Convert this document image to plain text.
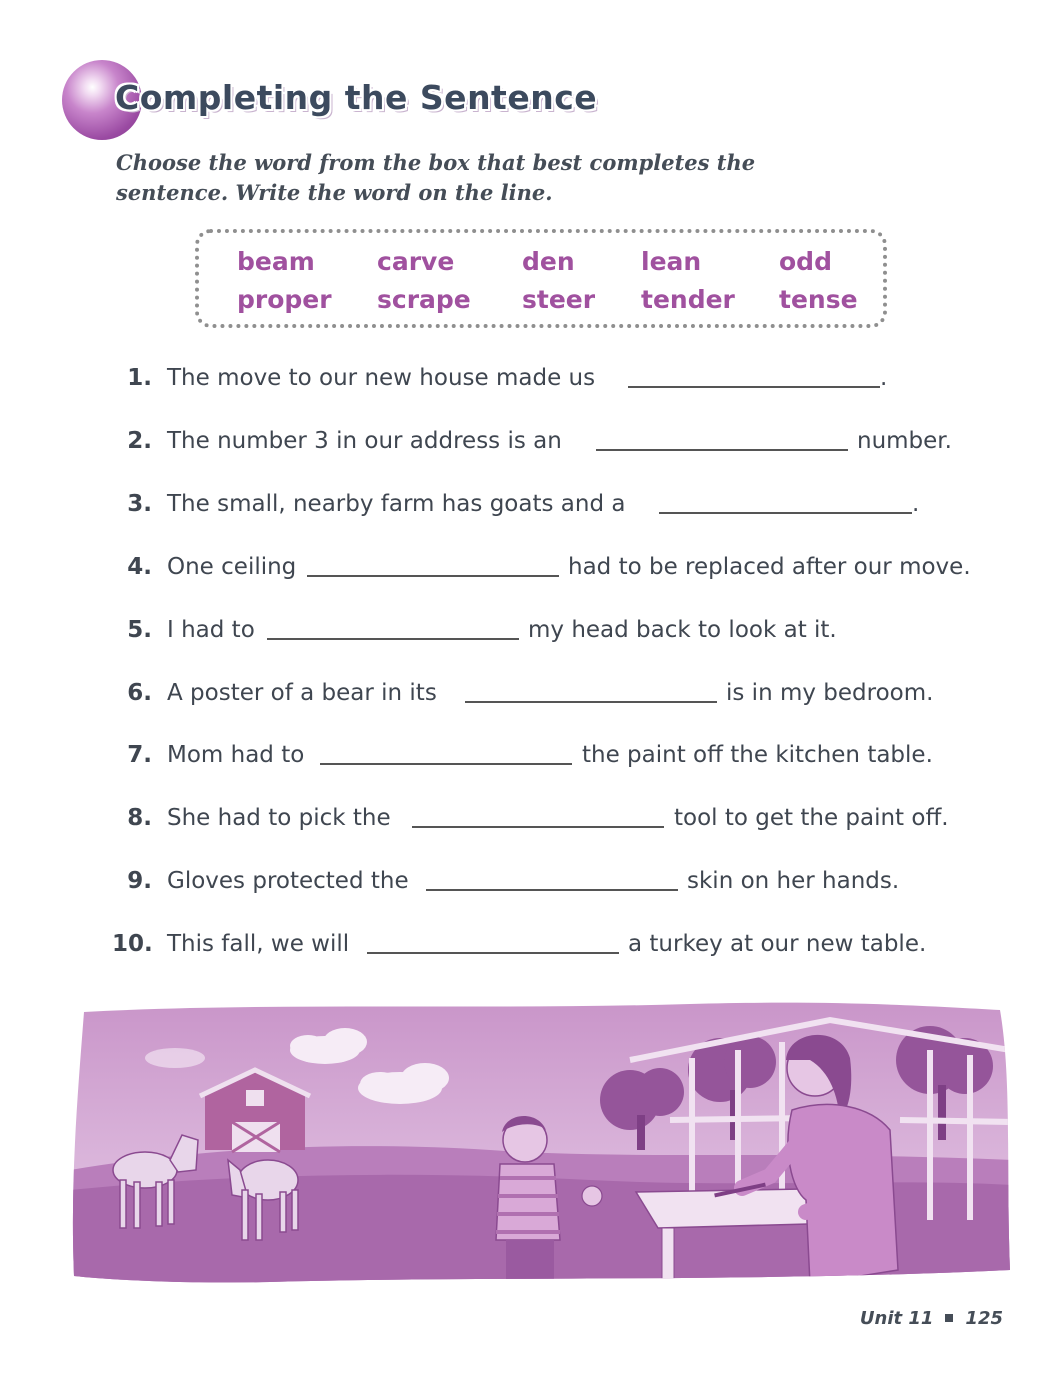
Completing the Sentence

Choose the word from the box that best completes the sentence. Write the word on the line.

beam carve	den	lean	odd
proper scrape steer tender tense
1. The move to our new house made us	.
2. The number 3 in our address is an	number.
3. The small, nearby farm has goats and a	.
4. One ceiling	had to be replaced after our move.
5. I had to	my head back to look at it.
6. A poster of a bear in its	is in my bedroom.
7. Mom had to	the paint off the kitchen table.
8. She had to pick the	tool to get the paint off.
9. Gloves protected the	skin on her hands.
10. This fall, we will	a turkey at our new table.
Unit 11 125
